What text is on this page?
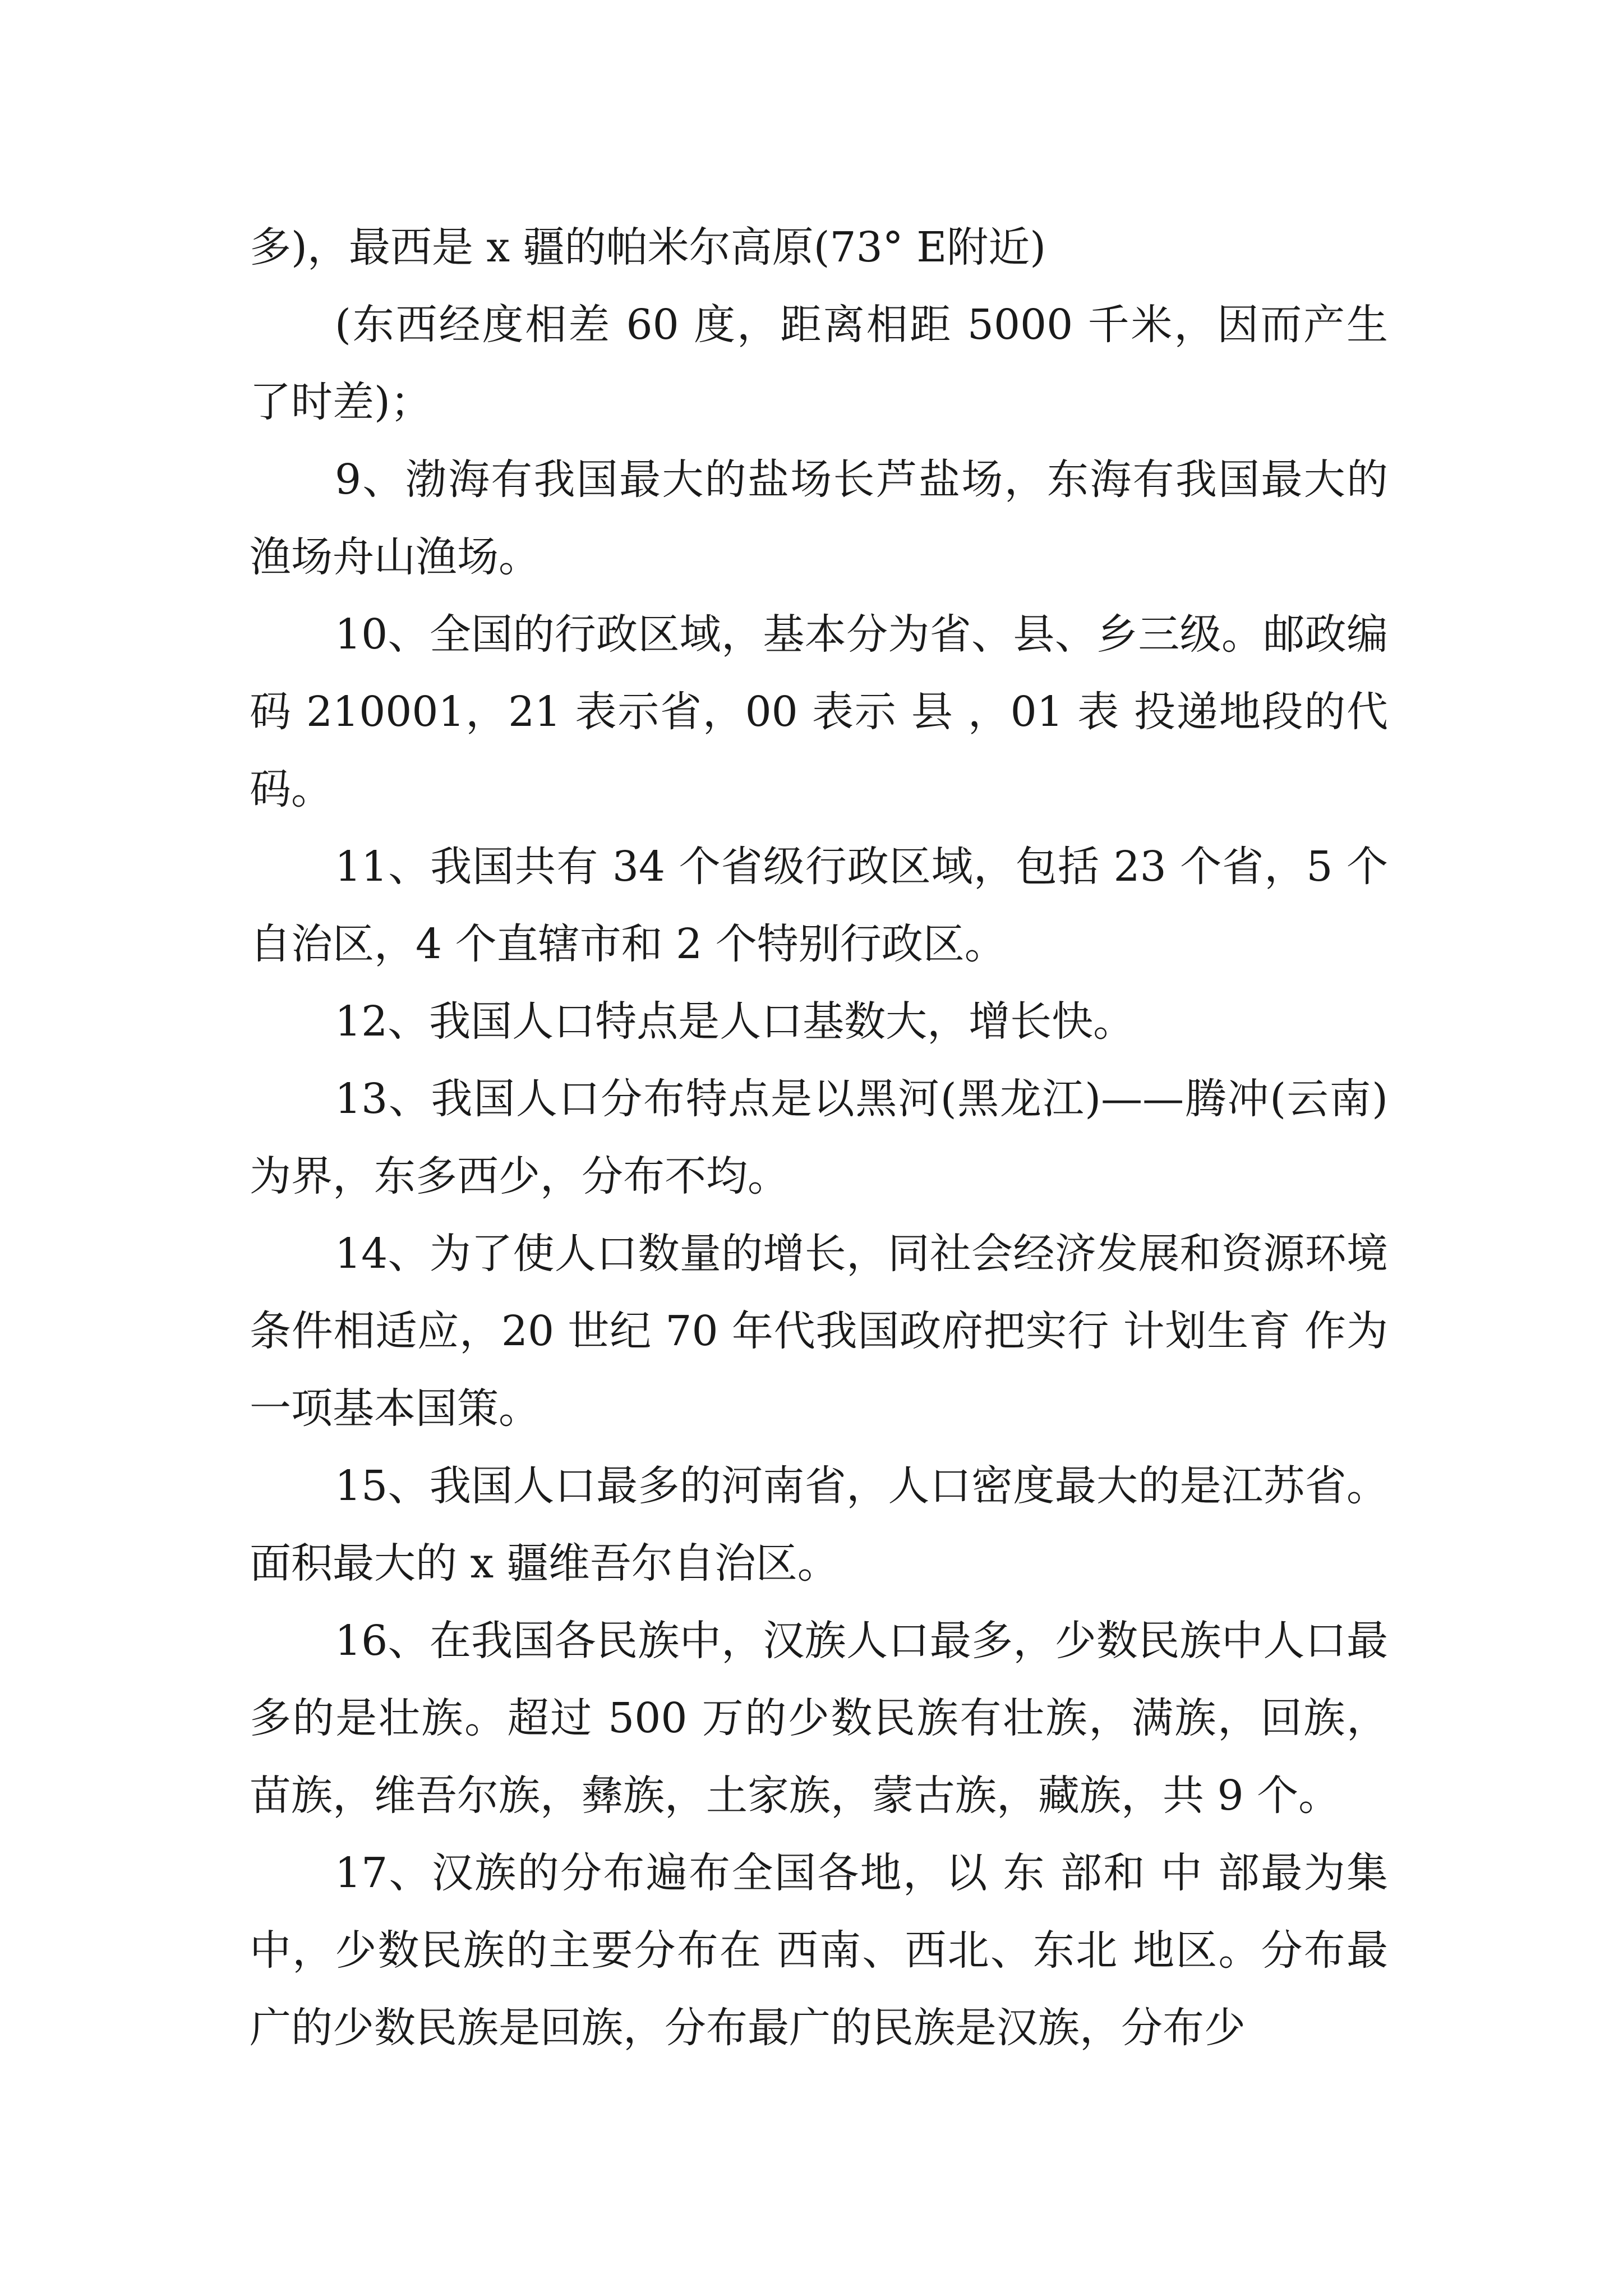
多)，最西是 x 疆的帕米尔高原(73° E附近)

(东西经度相差 60 度，距离相距 5000 千米，因而产生了时差)；

9、渤海有我国最大的盐场长芦盐场，东海有我国最大的渔场舟山渔场。

10、全国的行政区域，基本分为省、县、乡三级。邮政编码 210001，21 表示省，00 表示 县 ，01 表 投递地段的代码。

11、我国共有 34 个省级行政区域，包括 23 个省，5 个自治区，4 个直辖市和 2 个特别行政区。

12、我国人口特点是人口基数大，增长快。

13、我国人口分布特点是以黑河(黑龙江)——腾冲(云南)为界，东多西少，分布不均。

14、为了使人口数量的增长，同社会经济发展和资源环境条件相适应，20 世纪 70 年代我国政府把实行 计划生育 作为一项基本国策。

15、我国人口最多的河南省，人口密度最大的是江苏省。面积最大的 x 疆维吾尔自治区。

16、在我国各民族中，汉族人口最多，少数民族中人口最多的是壮族。超过 500 万的少数民族有壮族，满族，回族，苗族，维吾尔族，彝族，土家族，蒙古族，藏族，共 9 个。

17、汉族的分布遍布全国各地，以 东 部和 中 部最为集中，少数民族的主要分布在 西南、西北、东北 地区。分布最广的少数民族是回族，分布最广的民族是汉族，分布少
